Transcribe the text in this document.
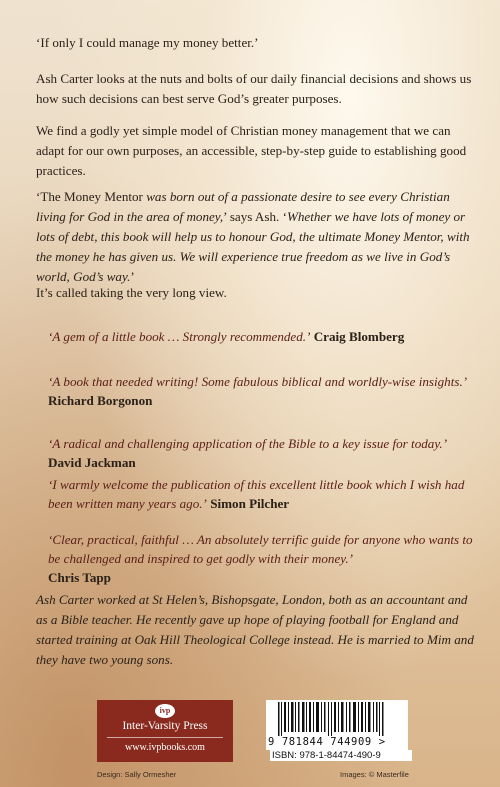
‘If only I could manage my money better.’

Ash Carter looks at the nuts and bolts of our daily financial decisions and shows us how such decisions can best serve God’s greater purposes.

We find a godly yet simple model of Christian money management that we can adapt for our own purposes, an accessible, step-by-step guide to establishing good practices.

‘The Money Mentor was born out of a passionate desire to see every Christian living for God in the area of money,’ says Ash. ‘Whether we have lots of money or lots of debt, this book will help us to honour God, the ultimate Money Mentor, with the money he has given us. We will experience true freedom as we live in God’s world, God’s way.’

It’s called taking the very long view.

‘A gem of a little book … Strongly recommended.’ Craig Blomberg
‘A book that needed writing! Some fabulous biblical and worldly-wise insights.’ Richard Borgonon
‘A radical and challenging application of the Bible to a key issue for today.’
David Jackman
‘I warmly welcome the publication of this excellent little book which I wish had been written many years ago.’ Simon Pilcher
‘Clear, practical, faithful … An absolutely terrific guide for anyone who wants to be challenged and inspired to get godly with their money.’
Chris Tapp
Ash Carter worked at St Helen’s, Bishopsgate, London, both as an accountant and as a Bible teacher. He recently gave up hope of playing football for England and started training at Oak Hill Theological College instead. He is married to Mim and they have two young sons.
ivp
Inter-Varsity Press
www.ivpbooks.com	9 781844 744909 >
ISBN: 978-1-84474-490-9
Design: Sally Ormesher	Images: © Masterfile
